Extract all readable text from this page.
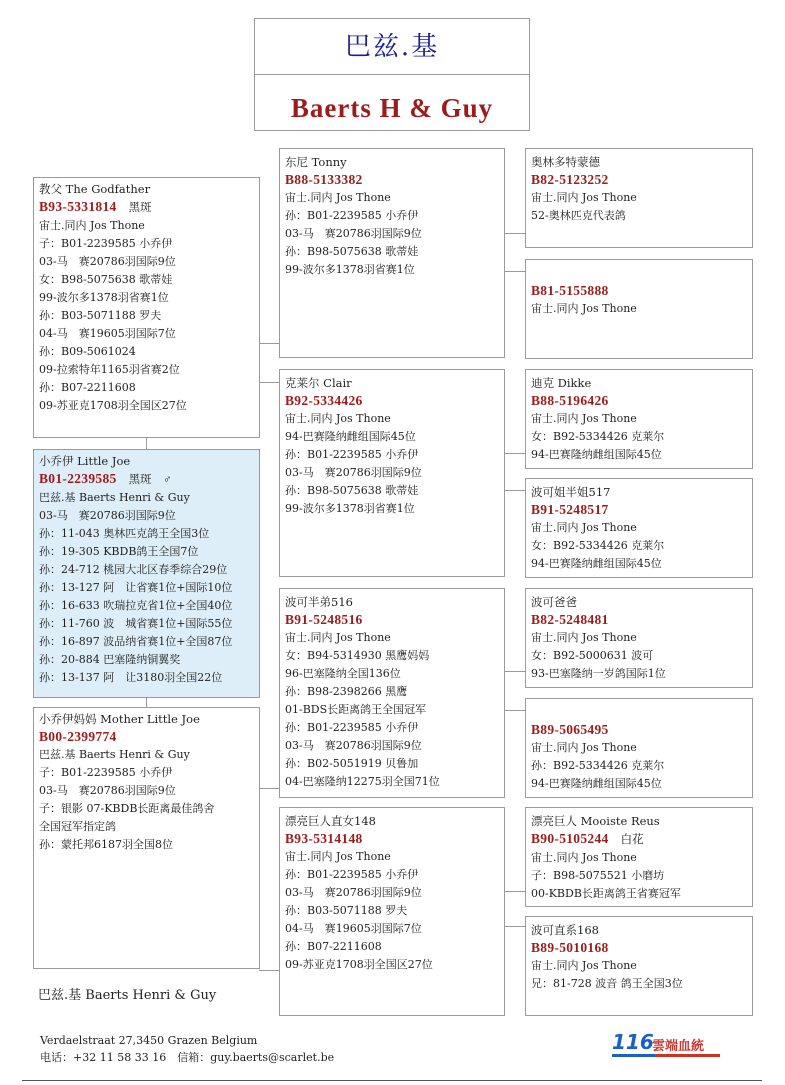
巴兹.基
Baerts H & Guy
教父 The Godfather
B93-5331814 黑斑
宙士.同内 Jos Thone
子：B01-2239585 小乔伊
03-马　赛20786羽国际9位
女：B98-5075638 歌蒂娃
99-波尔多1378羽省赛1位
孙：B03-5071188 罗夫
04-马　赛19605羽国际7位
孙：B09-5061024
09-拉索特年1165羽省赛2位
孙：B07-2211608
09-苏亚克1708羽全国区27位
小乔伊 Little Joe
B01-2239585 黑斑　♂
巴兹.基 Baerts Henri & Guy
03-马　赛20786羽国际9位
孙：11-043 奥林匹克鸽王全国3位
孙：19-305 KBDB鸽王全国7位
孙：24-712 桃园大北区春季综合29位
孙：13-127 阿　让省赛1位+国际10位
孙：16-633 吹瑞拉克省1位+全国40位
孙：11-760 波　城省赛1位+国际55位
孙：16-897 波品纳省赛1位+全国87位
孙：20-884 巴塞隆纳铜翼奖
孙：13-137 阿　让3180羽全国22位
小乔伊妈妈 Mother Little Joe
B00-2399774
巴兹.基 Baerts Henri & Guy
子：B01-2239585 小乔伊
03-马　赛20786羽国际9位
子：银影 07-KBDB长距离最佳鸽舍
全国冠军指定鸽
孙：蒙托邦6187羽全国8位
东尼 Tonny
B88-5133382
宙士.同内 Jos Thone
孙：B01-2239585 小乔伊
03-马　赛20786羽国际9位
孙：B98-5075638 歌蒂娃
99-波尔多1378羽省赛1位
克莱尔 Clair
B92-5334426
宙士.同内 Jos Thone
94-巴赛隆纳雌组国际45位
孙：B01-2239585 小乔伊
03-马　赛20786羽国际9位
孙：B98-5075638 歌蒂娃
99-波尔多1378羽省赛1位
波可半弟516
B91-5248516
宙士.同内 Jos Thone
女：B94-5314930 黑鹰妈妈
96-巴塞隆纳全国136位
孙：B98-2398266 黑鹰
01-BDS长距离鸽王全国冠军
孙：B01-2239585 小乔伊
03-马　赛20786羽国际9位
孙：B02-5051919 贝鲁加
04-巴塞隆纳12275羽全国71位
漂亮巨人直女148
B93-5314148
宙士.同内 Jos Thone
孙：B01-2239585 小乔伊
03-马　赛20786羽国际9位
孙：B03-5071188 罗夫
04-马　赛19605羽国际7位
孙：B07-2211608
09-苏亚克1708羽全国区27位
奥林多特蒙德
B82-5123252
宙士.同内 Jos Thone
52-奥林匹克代表鸽
B81-5155888
宙士.同内 Jos Thone
迪克 Dikke
B88-5196426
宙士.同内 Jos Thone
女：B92-5334426 克莱尔
94-巴赛隆纳雌组国际45位
波可姐半姐517
B91-5248517
宙士.同内 Jos Thone
女：B92-5334426 克莱尔
94-巴赛隆纳雌组国际45位
波可爸爸
B82-5248481
宙士.同内 Jos Thone
女：B92-5000631 波可
93-巴塞隆纳一岁鸽国际1位
B89-5065495
宙士.同内 Jos Thone
孙：B92-5334426 克莱尔
94-巴赛隆纳雌组国际45位
漂亮巨人 Mooiste Reus
B90-5105244 白花
宙士.同内 Jos Thone
子：B98-5075521 小磨坊
00-KBDB长距离鸽王省赛冠军
波可直系168
B89-5010168
宙士.同内 Jos Thone
兄：81-728 波音 鸽王全国3位
巴兹.基 Baerts Henri & Guy
Verdaelstraat 27,3450 Grazen Belgium
电话：+32 11 58 33 16　信箱：guy.baerts@scarlet.be
116
雲端血統
